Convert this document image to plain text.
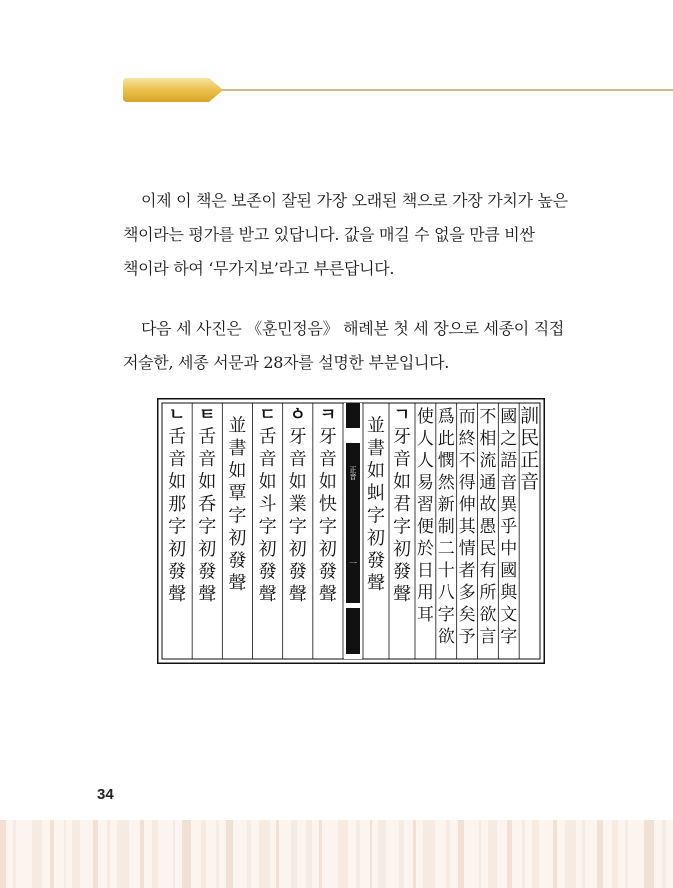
이제 이 책은 보존이 잘된 가장 오래된 책으로 가장 가치가 높은 책이라는 평가를 받고 있답니다. 값을 매길 수 없을 만큼 비싼 책이라 하여 ‘무가지보’라고 부른답니다.

다음 세 사진은 《훈민정음》 해례본 첫 세 장으로 세종이 직접 저술한, 세종 서문과 28자를 설명한 부분입니다.

ㄴ
舌
音
如
那
字
初
發
聲
ㅌ
舌
音
如
呑
字
初
發
聲
並
書
如
覃
字
初
發
聲
ㄷ
舌
音
如
斗
字
初
發
聲
ㆁ
牙
音
如
業
字
初
發
聲
ㅋ
牙
音
如
快
字
初
發
聲
正音
一
並
書
如
虯
字
初
發
聲
ㄱ
牙
音
如
君
字
初
發
聲
使
人
人
易
習
便
於
日
用
耳
爲
此
憫
然
新
制
二
十
八
字
欲
而
終
不
得
伸
其
情
者
多
矣
予
不
相
流
通
故
愚
民
有
所
欲
言
國
之
語
音
異
乎
中
國
與
文
字
訓
民
正
音
34
